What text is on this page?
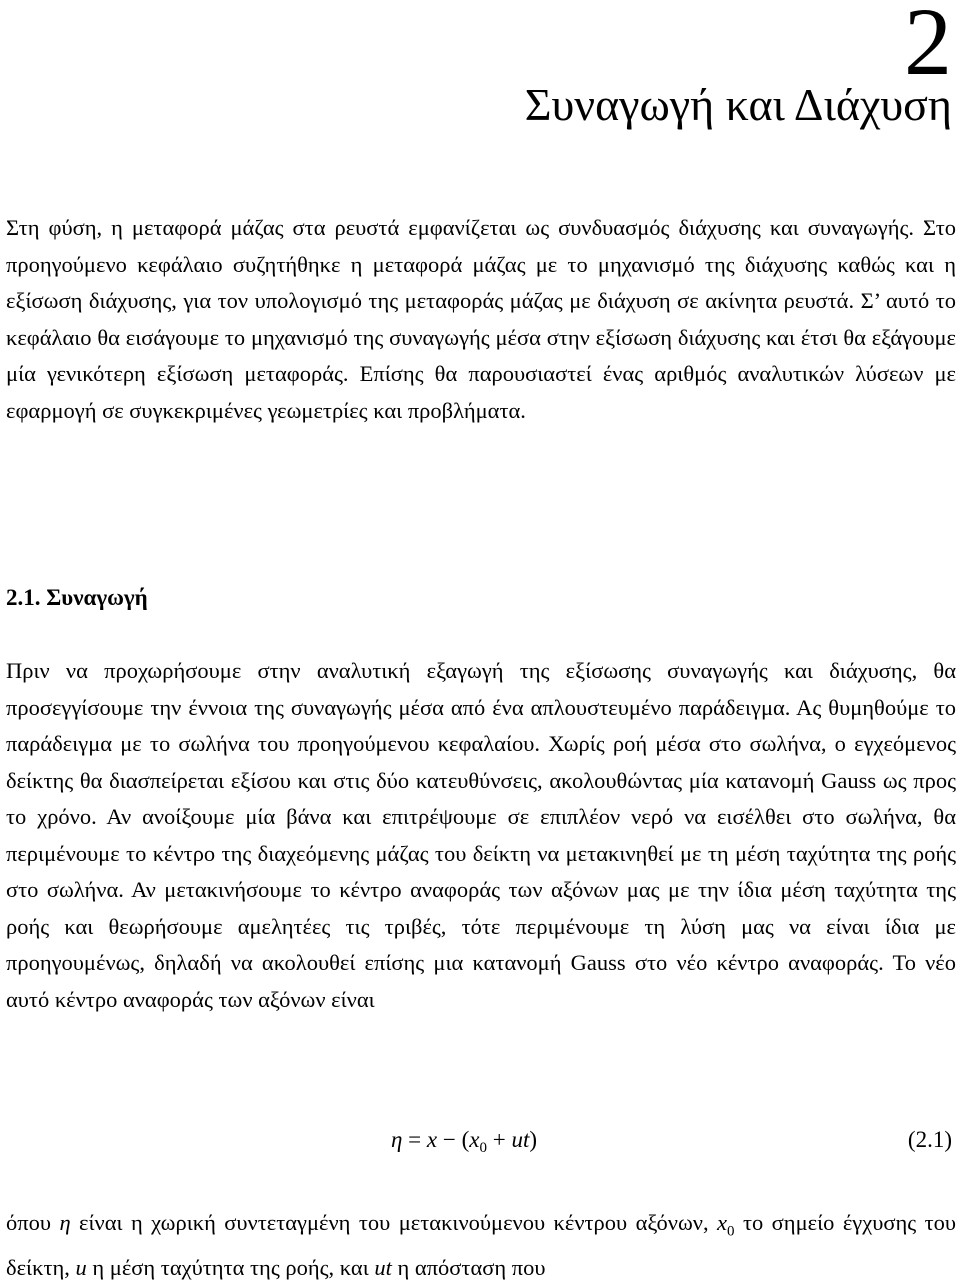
2
Συναγωγή και Διάχυση

Στη φύση, η μεταφορά μάζας στα ρευστά εμφανίζεται ως συνδυασμός διάχυσης και συναγωγής. Στο προηγούμενο κεφάλαιο συζητήθηκε η μεταφορά μάζας με το μηχανισμό της διάχυσης καθώς και η εξίσωση διάχυσης, για τον υπολογισμό της μεταφοράς μάζας με διάχυση σε ακίνητα ρευστά. Σ’ αυτό το κεφάλαιο θα εισάγουμε το μηχανισμό της συναγωγής μέσα στην εξίσωση διάχυσης και έτσι θα εξάγουμε μία γενικότερη εξίσωση μεταφοράς. Επίσης θα παρουσιαστεί ένας αριθμός αναλυτικών λύσεων με εφαρμογή σε συγκεκριμένες γεωμετρίες και προβλήματα.

2.1. Συναγωγή

Πριν να προχωρήσουμε στην αναλυτική εξαγωγή της εξίσωσης συναγωγής και διάχυσης, θα προσεγγίσουμε την έννοια της συναγωγής μέσα από ένα απλουστευμένο παράδειγμα. Ας θυμηθούμε το παράδειγμα με το σωλήνα του προηγούμενου κεφαλαίου. Χωρίς ροή μέσα στο σωλήνα, ο εγχεόμενος δείκτης θα διασπείρεται εξίσου και στις δύο κατευθύνσεις, ακολουθώντας μία κατανομή Gauss ως προς το χρόνο. Αν ανοίξουμε μία βάνα και επιτρέψουμε σε επιπλέον νερό να εισέλθει στο σωλήνα, θα περιμένουμε το κέντρο της διαχεόμενης μάζας του δείκτη να μετακινηθεί με τη μέση ταχύτητα της ροής στο σωλήνα. Αν μετακινήσουμε το κέντρο αναφοράς των αξόνων μας με την ίδια μέση ταχύτητα της ροής και θεωρήσουμε αμελητέες τις τριβές, τότε περιμένουμε τη λύση μας να είναι ίδια με προηγουμένως, δηλαδή να ακολουθεί επίσης μια κατανομή Gauss στο νέο κέντρο αναφοράς. Το νέο αυτό κέντρο αναφοράς των αξόνων είναι

$\eta = x - (x_0 + ut)$	(2.1)

όπου η είναι η χωρική συντεταγμένη του μετακινούμενου κέντρου αξόνων, $x_0$ το σημείο έγχυσης του δείκτη, u η μέση ταχύτητα της ροής, και ut η απόσταση που
